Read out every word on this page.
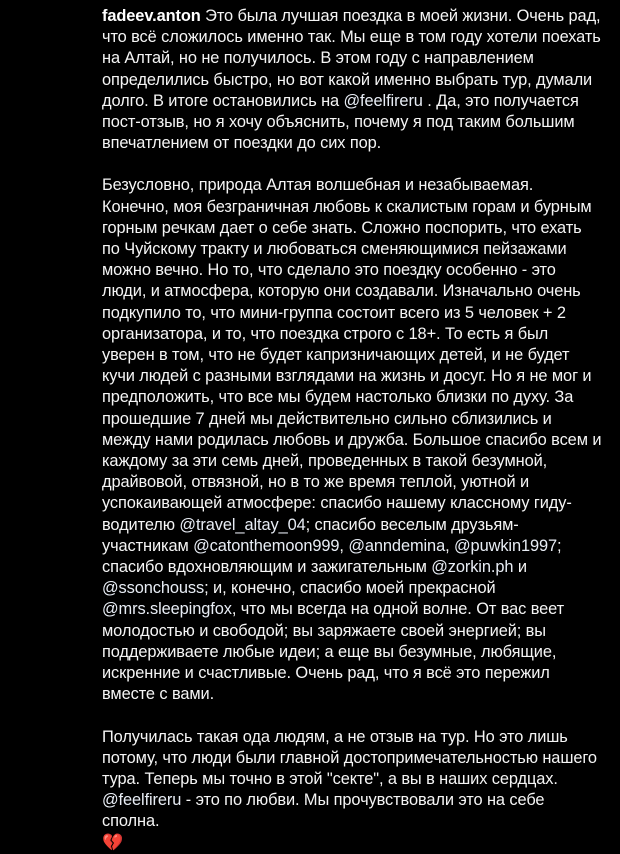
fadeev.anton Это была лучшая поездка в моей жизни. Очень рад, что всё сложилось именно так. Мы еще в том году хотели поехать на Алтай, но не получилось. В этом году с направлением определились быстро, но вот какой именно выбрать тур, думали долго. В итоге остановились на @feelfireru . Да, это получается пост-отзыв, но я хочу объяснить, почему я под таким большим впечатлением от поездки до сих пор.

Безусловно, природа Алтая волшебная и незабываемая. Конечно, моя безграничная любовь к скалистым горам и бурным горным речкам дает о себе знать. Сложно поспорить, что ехать по Чуйскому тракту и любоваться сменяющимися пейзажами можно вечно. Но то, что сделало это поездку особенно - это люди, и атмосфера, которую они создавали. Изначально очень подкупило то, что мини-группа состоит всего из 5 человек + 2 организатора, и то, что поездка строго с 18+. То есть я был уверен в том, что не будет капризничающих детей, и не будет кучи людей с разными взглядами на жизнь и досуг. Но я не мог и предположить, что все мы будем настолько близки по духу. За прошедшие 7 дней мы действительно сильно сблизились и между нами родилась любовь и дружба. Большое спасибо всем и каждому за эти семь дней, проведенных в такой безумной, драйвовой, отвязной, но в то же время теплой, уютной и успокаивающей атмосфере: спасибо нашему классному гиду-водителю @travel_altay_04; спасибо веселым друзьям-участникам @catonthemoon999, @anndemina, @puwkin1997; спасибо вдохновляющим и зажигательным @zorkin.ph и @ssonchouss; и, конечно, спасибо моей прекрасной @mrs.sleepingfox, что мы всегда на одной волне. От вас веет молодостью и свободой; вы заряжаете своей энергией; вы поддерживаете любые идеи; а еще вы безумные, любящие, искренние и счастливые. Очень рад, что я всё это пережил вместе с вами.

Получилась такая ода людям, а не отзыв на тур. Но это лишь потому, что люди были главной достопримечательностью нашего тура. Теперь мы точно в этой "секте", а вы в наших сердцах. @feelfireru - это по любви. Мы прочувствовали это на себе сполна.
💔
